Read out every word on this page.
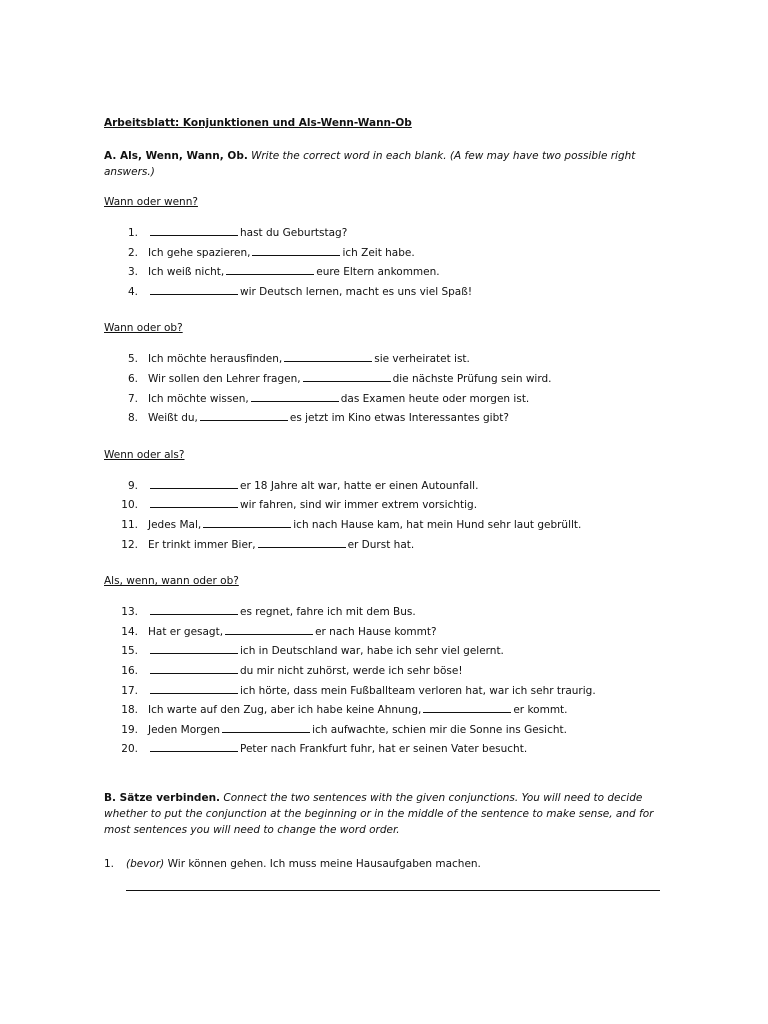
Arbeitsblatt: Konjunktionen und Als-Wenn-Wann-Ob

A. Als, Wenn, Wann, Ob. Write the correct word in each blank. (A few may have two possible right answers.)
Wann oder wenn?
1.	hast du Geburtstag?
2. Ich gehe spazieren,	ich Zeit habe.
3. Ich weiß nicht,	eure Eltern ankommen.
4.	wir Deutsch lernen, macht es uns viel Spaß!
Wann oder ob?
5. Ich möchte herausfinden,	sie verheiratet ist.
6. Wir sollen den Lehrer fragen,	die nächste Prüfung sein wird.
7. Ich möchte wissen,	das Examen heute oder morgen ist.
8. Weißt du,	es jetzt im Kino etwas Interessantes gibt?
Wenn oder als?
9.	er 18 Jahre alt war, hatte er einen Autounfall.
10.	wir fahren, sind wir immer extrem vorsichtig.
11. Jedes Mal,	ich nach Hause kam, hat mein Hund sehr laut gebrüllt.
12. Er trinkt immer Bier,	er Durst hat.
Als, wenn, wann oder ob?
13.	es regnet, fahre ich mit dem Bus.
14. Hat er gesagt,	er nach Hause kommt?
15.	ich in Deutschland war, habe ich sehr viel gelernt.
16.	du mir nicht zuhörst, werde ich sehr böse!
17.	ich hörte, dass mein Fußballteam verloren hat, war ich sehr traurig.
18. Ich warte auf den Zug, aber ich habe keine Ahnung,	er kommt.
19. Jeden Morgen	ich aufwachte, schien mir die Sonne ins Gesicht.
20.	Peter nach Frankfurt fuhr, hat er seinen Vater besucht.
B. Sätze verbinden. Connect the two sentences with the given conjunctions. You will need to decide whether to put the conjunction at the beginning or in the middle of the sentence to make sense, and for most sentences you will need to change the word order.
1. (bevor) Wir können gehen. Ich muss meine Hausaufgaben machen.
